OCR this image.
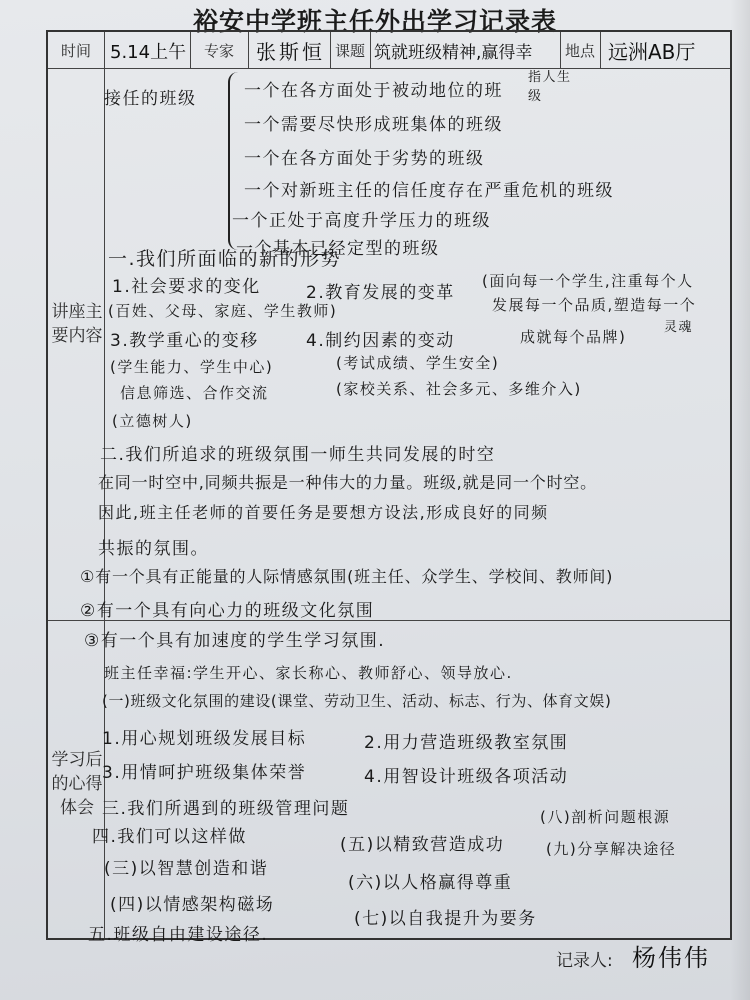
裕安中学班主任外出学习记录表
时间	5.14上午	专家	张斯恒 课题 筑就班级精神,赢得幸 地点 远洲AB厅
讲座主要内容
学习后的心得体会
接任的班级	一个在各方面处于被动地位的班
指人生级
一个需要尽快形成班集体的班级
一个在各方面处于劣势的班级
一个对新班主任的信任度存在严重危机的班级
一个正处于高度升学压力的班级
一个基本已经定型的班级
一.我们所面临的新的形势
1.社会要求的变化
(百姓、父母、家庭、学生教师)
2.教育发展的变革
(面向每一个学生,注重每个人
发展每一个品质,塑造每一个
成就每个品牌)
灵魂
3.教学重心的变移
(学生能力、学生中心)
信息筛选、合作交流
(立德树人)
4.制约因素的变动
(考试成绩、学生安全)
(家校关系、社会多元、多维介入)
二.我们所追求的班级氛围一师生共同发展的时空
在同一时空中,同频共振是一种伟大的力量。班级,就是同一个时空。
因此,班主任老师的首要任务是要想方设法,形成良好的同频
共振的氛围。
①有一个具有正能量的人际情感氛围(班主任、众学生、学校间、教师间)
②有一个具有向心力的班级文化氛围
③有一个具有加速度的学生学习氛围.
班主任幸福:学生开心、家长称心、教师舒心、领导放心.
(一)班级文化氛围的建设(课堂、劳动卫生、活动、标志、行为、体育文娱)
1.用心规划班级发展目标	2.用力营造班级教室氛围
3.用情呵护班级集体荣誉	4.用智设计班级各项活动
三.我们所遇到的班级管理问题
四.我们可以这样做
(三)以智慧创造和谐
(四)以情感架构磁场
(五)以精致营造成功
(六)以人格赢得尊重
(七)以自我提升为要务
(八)剖析问题根源
(九)分享解决途径
五.班级自由建设途径.
记录人: 杨伟伟
